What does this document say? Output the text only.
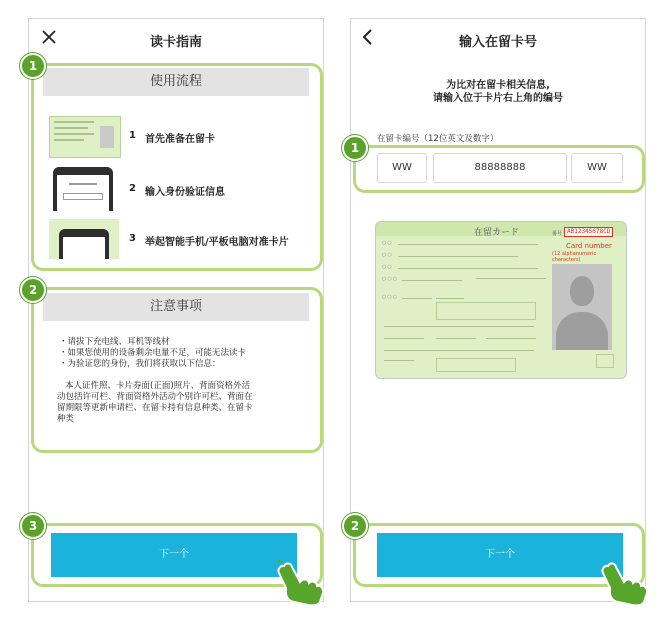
读卡指南
使用流程
1 首先准备在留卡
2 输入身份验证信息
3 举起智能手机/平板电脑对准卡片
注意事项
・请拔下充电线、耳机等线材
・如果您使用的设备剩余电量不足，可能无法读卡
・为验证您的身份，我们将获取以下信息：
本人证件照、卡片券面(正面)照片、背面资格外活
动包括许可栏、背面资格外活动个别许可栏、背面在
留期限等更新申请栏、在留卡持有信息种类、在留卡
种类
下一个
1
2
3
输入在留卡号
为比对在留卡相关信息,
请输入位于卡片右上角的编号
在留卡编号（12位英文及数字）
WW	88888888	WW
在留カード	番号 AB12345678CD
Card number
(12 alphanumeric characters)
○○
○○
○○
○○○
○○○
下一个
1
2
